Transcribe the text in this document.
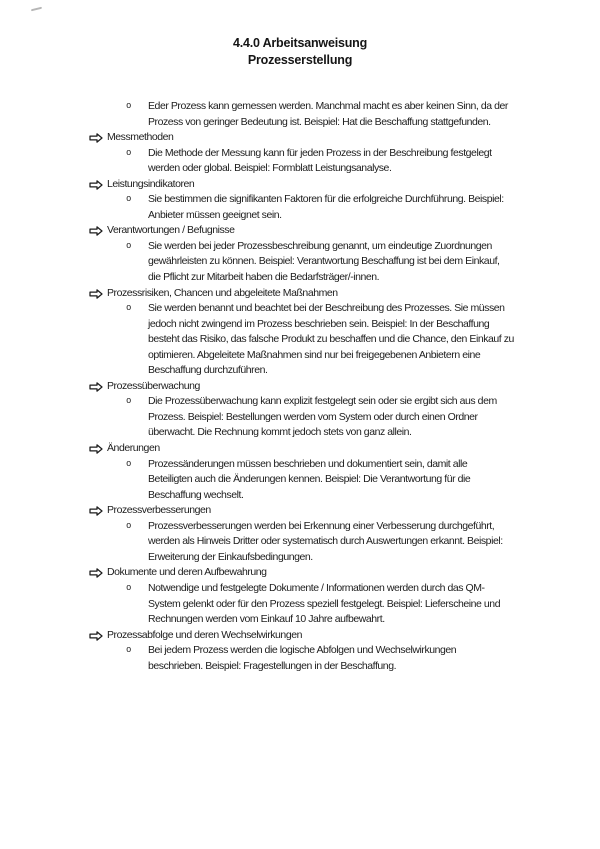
4.4.0 Arbeitsanweisung
Prozesserstellung
o Eder Prozess kann gemessen werden. Manchmal macht es aber keinen Sinn, da der
Prozess von geringer Bedeutung ist. Beispiel: Hat die Beschaffung stattgefunden.
Messmethoden
o Die Methode der Messung kann für jeden Prozess in der Beschreibung festgelegt
werden oder global. Beispiel: Formblatt Leistungsanalyse.
Leistungsindikatoren
o Sie bestimmen die signifikanten Faktoren für die erfolgreiche Durchführung. Beispiel:
Anbieter müssen geeignet sein.
Verantwortungen / Befugnisse
o Sie werden bei jeder Prozessbeschreibung genannt, um eindeutige Zuordnungen
gewährleisten zu können. Beispiel: Verantwortung Beschaffung ist bei dem Einkauf,
die Pflicht zur Mitarbeit haben die Bedarfsträger/-innen.
Prozessrisiken, Chancen und abgeleitete Maßnahmen
o Sie werden benannt und beachtet bei der Beschreibung des Prozesses. Sie müssen
jedoch nicht zwingend im Prozess beschrieben sein. Beispiel: In der Beschaffung
besteht das Risiko, das falsche Produkt zu beschaffen und die Chance, den Einkauf zu
optimieren. Abgeleitete Maßnahmen sind nur bei freigegebenen Anbietern eine
Beschaffung durchzuführen.
Prozessüberwachung
o Die Prozessüberwachung kann explizit festgelegt sein oder sie ergibt sich aus dem
Prozess. Beispiel: Bestellungen werden vom System oder durch einen Ordner
überwacht. Die Rechnung kommt jedoch stets von ganz allein.
Änderungen
o Prozessänderungen müssen beschrieben und dokumentiert sein, damit alle
Beteiligten auch die Änderungen kennen. Beispiel: Die Verantwortung für die
Beschaffung wechselt.
Prozessverbesserungen
o Prozessverbesserungen werden bei Erkennung einer Verbesserung durchgeführt,
werden als Hinweis Dritter oder systematisch durch Auswertungen erkannt. Beispiel:
Erweiterung der Einkaufsbedingungen.
Dokumente und deren Aufbewahrung
o Notwendige und festgelegte Dokumente / Informationen werden durch das QM-
System gelenkt oder für den Prozess speziell festgelegt. Beispiel: Lieferscheine und
Rechnungen werden vom Einkauf 10 Jahre aufbewahrt.
Prozessabfolge und deren Wechselwirkungen
o Bei jedem Prozess werden die logische Abfolgen und Wechselwirkungen
beschrieben. Beispiel: Fragestellungen in der Beschaffung.
